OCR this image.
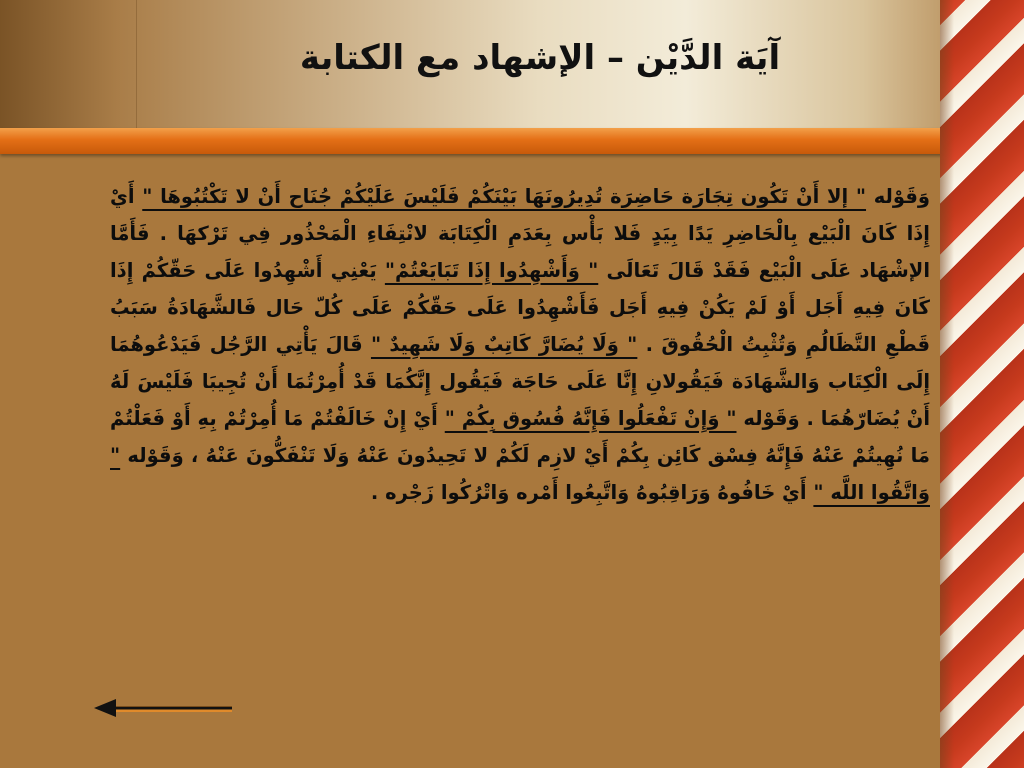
آيَة الدَّيْن – الإشهاد مع الكتابة
وَقَوْله " إلا أَنْ تَكُون تِجَارَة حَاضِرَة تُدِيرُونَهَا بَيْنَكُمْ فَلَيْسَ عَلَيْكُمْ جُنَاح أَنْ لا تَكْتُبُوهَا " أَيْ إِذَا كَانَ الْبَيْع بِالْحَاضِرِ يَدًا بِيَدٍ فَلا بَأْس بِعَدَمِ الْكِتَابَة لانْتِفَاءِ الْمَحْذُور فِي تَرْكهَا . فَأَمَّا الإشْهَاد عَلَى الْبَيْع فَقَدْ قَالَ تَعَالَى " وَأَشْهِدُوا إِذَا تَبَايَعْتُمْ" يَعْنِي أَشْهِدُوا عَلَى حَقّكُمْ إِذَا كَانَ فِيهِ أَجَل أَوْ لَمْ يَكُنْ فِيهِ أَجَل فَأَشْهِدُوا عَلَى حَقّكُمْ عَلَى كُلّ حَال فَالشَّهَادَةُ سَبَبُ قَطْعِ التَّظَالُمِ وَتُثْبِتُ الْحُقُوقَ . " وَلَا يُضَارَّ كَاتِبٌ وَلَا شَهِيدٌ " قَالَ يَأْتِي الرَّجُل فَيَدْعُوهُمَا إِلَى الْكِتَاب وَالشَّهَادَة فَيَقُولانِ إِنَّا عَلَى حَاجَة فَيَقُول إِنَّكُمَا قَدْ أُمِرْتُمَا أَنْ تُجِيبَا فَلَيْسَ لَهُ أَنْ يُضَارّهُمَا . وَقَوْله " وَإِنْ تَفْعَلُوا فَإِنَّهُ فُسُوق بِكُمْ " أَيْ إِنْ خَالَفْتُمْ مَا أُمِرْتُمْ بِهِ أَوْ فَعَلْتُمْ مَا نُهِيتُمْ عَنْهُ فَإِنَّهُ فِسْق كَائِن بِكُمْ أَيْ لازِم لَكُمْ لا تَحِيدُونَ عَنْهُ وَلَا تَنْفَكُّونَ عَنْهُ ، وَقَوْله " وَاتَّقُوا اللَّه " أَيْ خَافُوهُ وَرَاقِبُوهُ وَاتَّبِعُوا أَمْره وَاتْرُكُوا زَجْره .
